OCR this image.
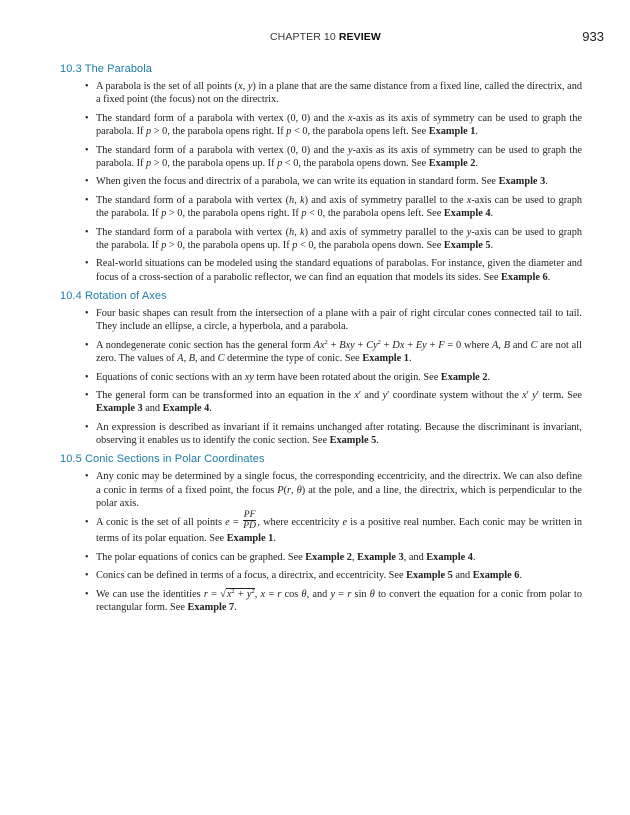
CHAPTER 10 REVIEW	933
10.3 The Parabola
• A parabola is the set of all points (x, y) in a plane that are the same distance from a fixed line, called the directrix, and a fixed point (the focus) not on the directrix.
• The standard form of a parabola with vertex (0, 0) and the x-axis as its axis of symmetry can be used to graph the parabola. If p > 0, the parabola opens right. If p < 0, the parabola opens left. See Example 1.
• The standard form of a parabola with vertex (0, 0) and the y-axis as its axis of symmetry can be used to graph the parabola. If p > 0, the parabola opens up. If p < 0, the parabola opens down. See Example 2.
• When given the focus and directrix of a parabola, we can write its equation in standard form. See Example 3.
• The standard form of a parabola with vertex (h, k) and axis of symmetry parallel to the x-axis can be used to graph the parabola. If p > 0, the parabola opens right. If p < 0, the parabola opens left. See Example 4.
• The standard form of a parabola with vertex (h, k) and axis of symmetry parallel to the y-axis can be used to graph the parabola. If p > 0, the parabola opens up. If p < 0, the parabola opens down. See Example 5.
• Real-world situations can be modeled using the standard equations of parabolas. For instance, given the diameter and focus of a cross-section of a parabolic reflector, we can find an equation that models its sides. See Example 6.
10.4 Rotation of Axes
• Four basic shapes can result from the intersection of a plane with a pair of right circular cones connected tail to tail. They include an ellipse, a circle, a hyperbola, and a parabola.
• A nondegenerate conic section has the general form $Ax^2$ + Bxy + $Cy^2 + Dx + Ey + F = 0$ where A, B and C are not all zero. The values of A, B, and C determine the type of conic. See Example 1.
• Equations of conic sections with an xy term have been rotated about the origin. See Example 2.
• The general form can be transformed into an equation in the x′ and y′ coordinate system without the x′ y′ term. See Example 3 and Example 4.
• An expression is described as invariant if it remains unchanged after rotating. Because the discriminant is invariant, observing it enables us to identify the conic section. See Example 5.
10.5 Conic Sections in Polar Coordinates
• Any conic may be determined by a single focus, the corresponding eccentricity, and the directrix. We can also define a conic in terms of a fixed point, the focus P(r, θ) at the pole, and a line, the directrix, which is perpendicular to the polar axis.
• A conic is the set of all points $e = \frac{PF}{PD}$ , where eccentricity e is a positive real number. Each conic may be written in terms of its polar equation. See Example 1.
• The polar equations of conics can be graphed. See Example 2, Example 3, and Example 4.
• Conics can be defined in terms of a focus, a directrix, and eccentricity. See Example 5 and Example 6.
• We can use the identities $r = √x^2 + y^2$, x = r cos θ, and y = r sin θ to convert the equation for a conic from polar to rectangular form. See Example 7.
